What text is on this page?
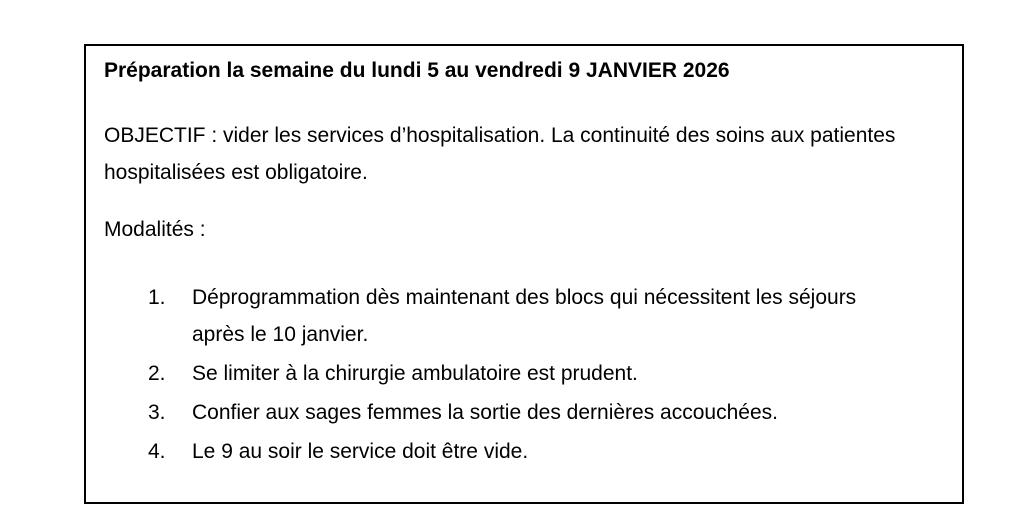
Préparation la semaine du lundi 5 au vendredi 9 JANVIER 2026

OBJECTIF : vider les services d’hospitalisation. La continuité des soins aux patientes hospitalisées est obligatoire.

Modalités :

1. Déprogrammation dès maintenant des blocs qui nécessitent les séjours après le 10 janvier.
2. Se limiter à la chirurgie ambulatoire est prudent.
3. Confier aux sages femmes la sortie des dernières accouchées.
4. Le 9 au soir le service doit être vide.
